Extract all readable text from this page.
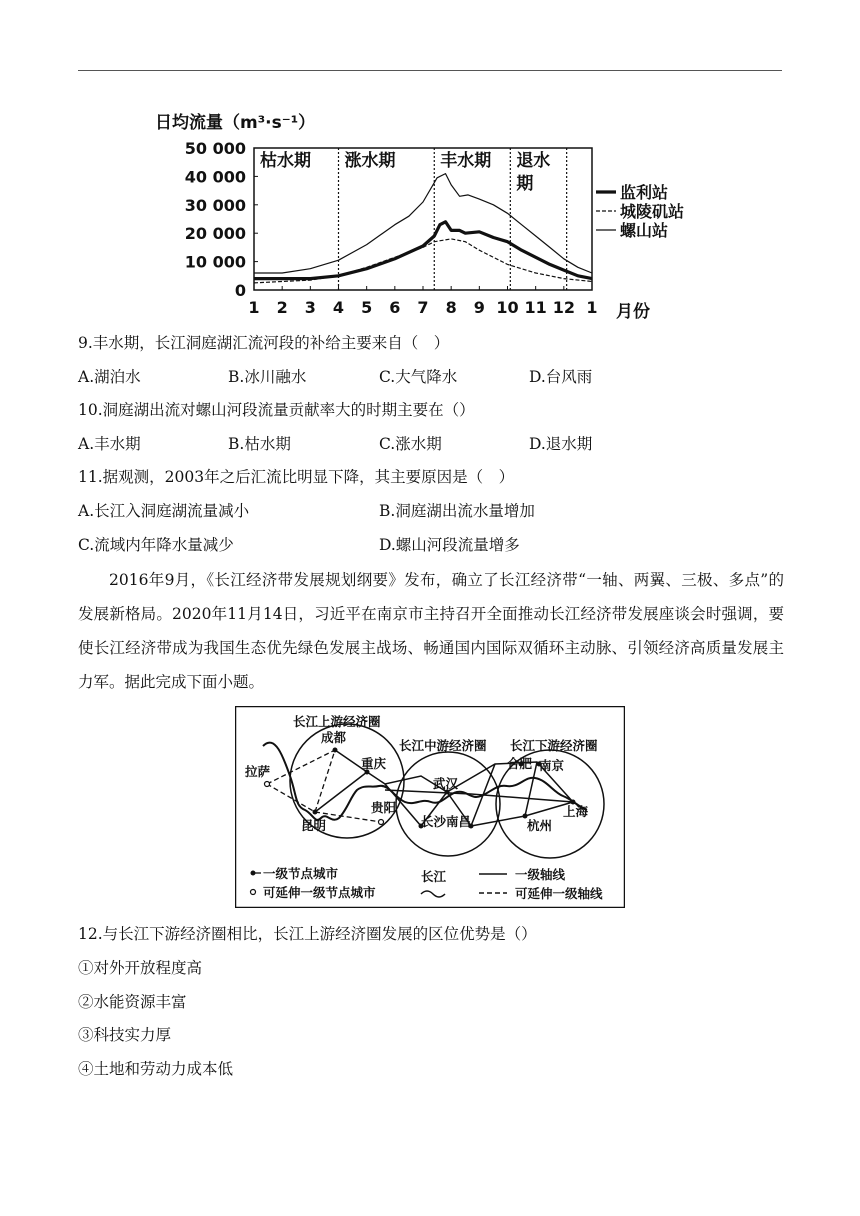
日均流量（m³·s⁻¹）
50 000
40 000
30 000
20 000
10 000
0
1 2 3 4 5 6 7 8 9 10 11 12 1 月份
枯水期 涨水期	丰水期 退水
期	监利站
城陵矶站
螺山站
9.丰水期，长江洞庭湖汇流河段的补给主要来自（　）
A.湖泊水	B.冰川融水	C.大气降水	D.台风雨
10.洞庭湖出流对螺山河段流量贡献率大的时期主要在（）
A.丰水期	B.枯水期	C.涨水期	D.退水期
11.据观测，2003年之后汇流比明显下降，其主要原因是（　）
A.长江入洞庭湖流量减小	B.洞庭湖出流水量增加
C.流域内年降水量减少	D.螺山河段流量增多
2016年9月，《长江经济带发展规划纲要》发布，确立了长江经济带“一轴、两翼、三极、多点”的发展新格局。2020年11月14日，习近平在南京市主持召开全面推动长江经济带发展座谈会时强调，要使长江经济带成为我国生态优先绿色发展主战场、畅通国内国际双循环主动脉、引领经济高质量发展主力军。据此完成下面小题。
长江上游经济圈
长江中游经济圈 长江下游经济圈
成都
重庆
拉萨
昆明
贵阳
武汉
长沙南昌
合肥 南京
上海
杭州
一级节点城市
可延伸一级节点城市
长江	一级轴线
可延伸一级轴线
12.与长江下游经济圈相比，长江上游经济圈发展的区位优势是（）
①对外开放程度高
②水能资源丰富
③科技实力厚
④土地和劳动力成本低
